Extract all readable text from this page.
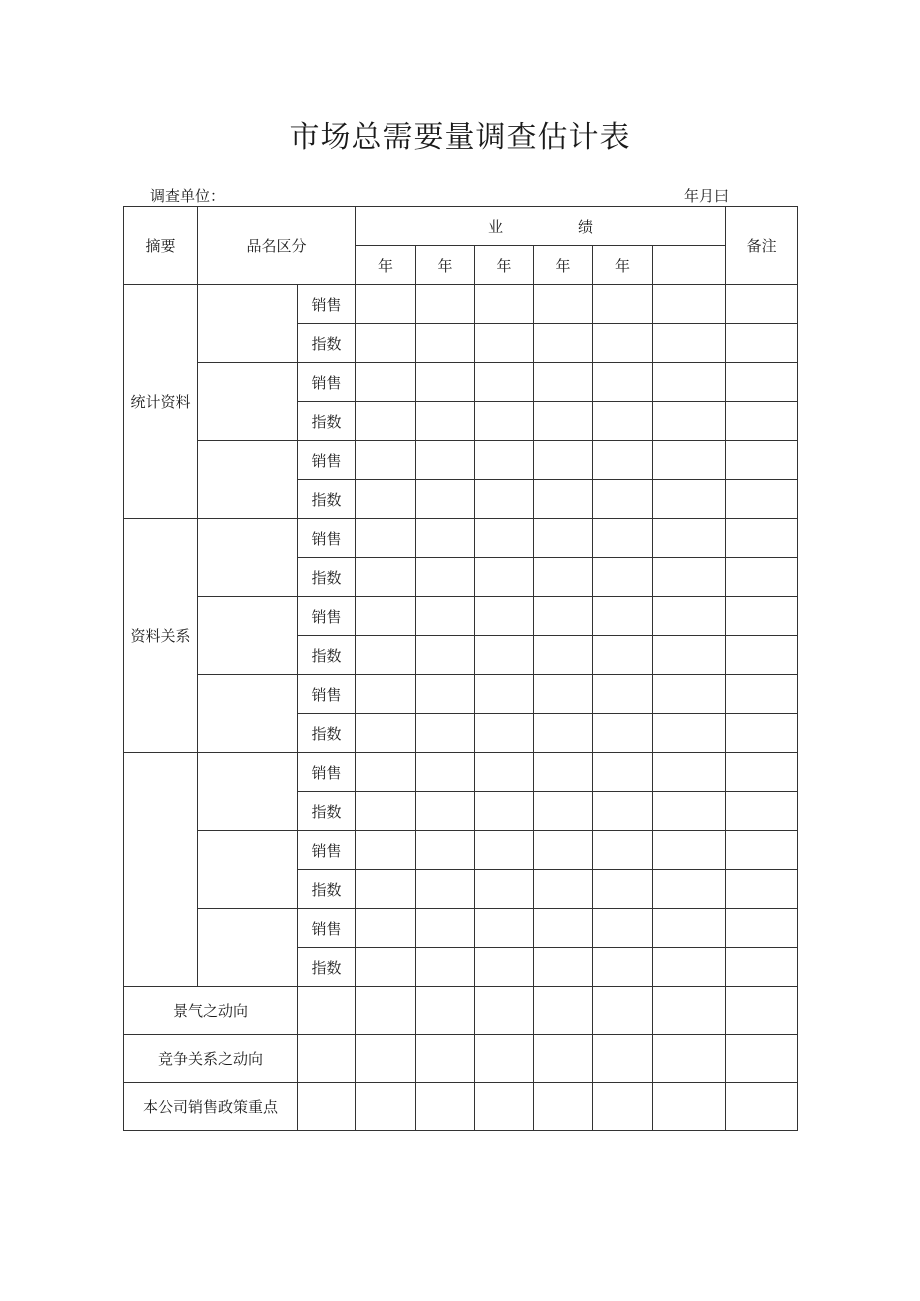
市场总需要量调查估计表
调查单位：	年月曰
摘要	品名区分		业 绩						备注
			年	年	年	年	年		
统计资料		销售							
		指数							
		销售							
		指数							
		销售							
		指数							
资料关系		销售							
		指数							
		销售							
		指数							
		销售							
		指数							
		销售							
		指数							
		销售							
		指数							
		销售							
		指数							
景气之动向									
竞争关系之动向									
本公司销售政策重点									
